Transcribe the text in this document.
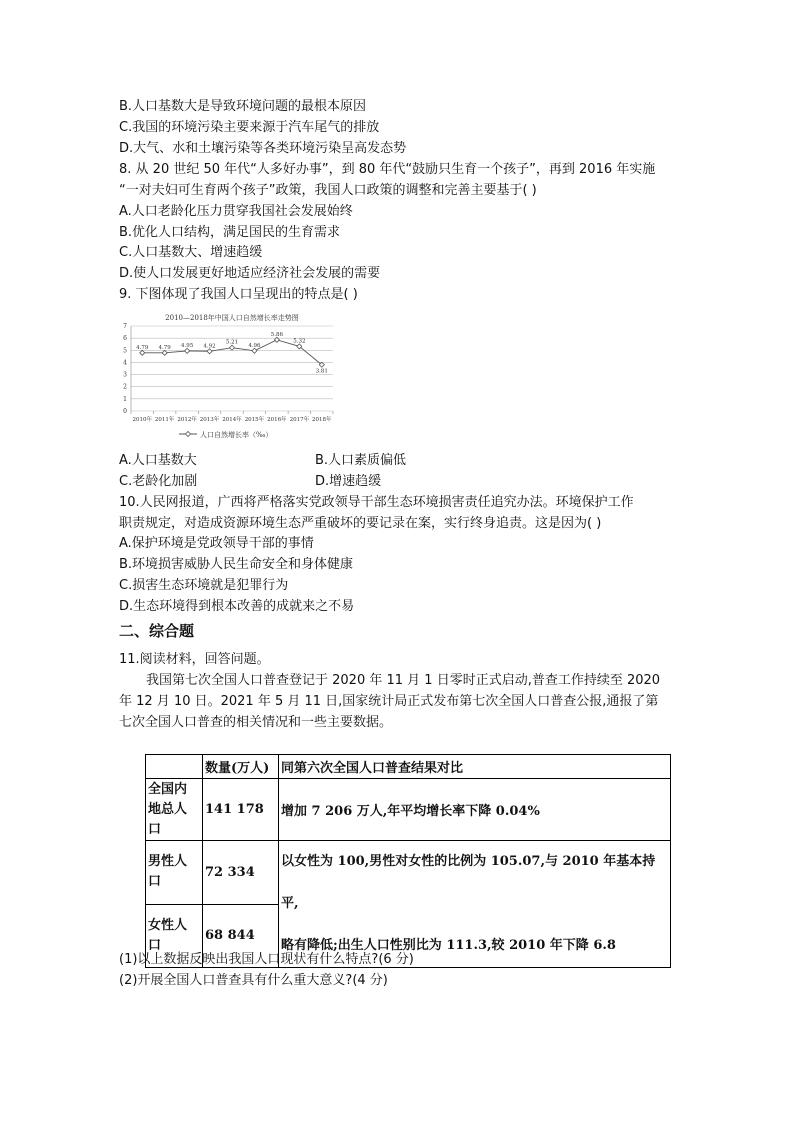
B.人口基数大是导致环境问题的最根本原因
C.我国的环境污染主要来源于汽车尾气的排放
D.大气、水和土壤污染等各类环境污染呈高发态势
8. 从 20 世纪 50 年代“人多好办事”，到 80 年代“鼓励只生育一个孩子”，再到 2016 年实施
“一对夫妇可生育两个孩子”政策，我国人口政策的调整和完善主要基于( )
A.人口老龄化压力贯穿我国社会发展始终
B.优化人口结构，满足国民的生育需求
C.人口基数大、增速趋缓
D.使人口发展更好地适应经济社会发展的需要
9. 下图体现了我国人口呈现出的特点是( )
2010—2018年中国人口自然增长率走势图
0
1
2
3
4
5
6
7
2010年 2011年 2012年 2013年 2014年 2015年 2016年 2017年 2018年
4.79 4.79 4.95 4.92
5.21
4.96
5.86
5.32
3.81
人口自然增长率（‰）
A.人口基数大	B.人口素质偏低
C.老龄化加剧	D.增速趋缓
10.人民网报道，广西将严格落实党政领导干部生态环境损害责任追究办法。环境保护工作
职责规定，对造成资源环境生态严重破坏的要记录在案，实行终身追责。这是因为( )
A.保护环境是党政领导干部的事情
B.环境损害威胁人民生命安全和身体健康
C.损害生态环境就是犯罪行为
D.生态环境得到根本改善的成就来之不易
二、综合题
11.阅读材料，回答问题。
我国第七次全国人口普查登记于 2020 年 11 月 1 日零时正式启动,普查工作持续至 2020
年 12 月 10 日。2021 年 5 月 11 日,国家统计局正式发布第七次全国人口普查公报,通报了第
七次全国人口普查的相关情况和一些主要数据。
	数量(万人)	同第六次全国人口普查结果对比
全国内
地总人
口	141 178	增加 7 206 万人,年平均增长率下降 0.04%
男性人
口	72 334	以女性为 100,男性对女性的比例为 105.07,与 2010 年基本持平,
略有降低;出生人口性别比为 111.3,较 2010 年下降 6.8
女性人
口	68 844	
(1)以上数据反映出我国人口现状有什么特点?(6 分)
(2)开展全国人口普查具有什么重大意义?(4 分)
